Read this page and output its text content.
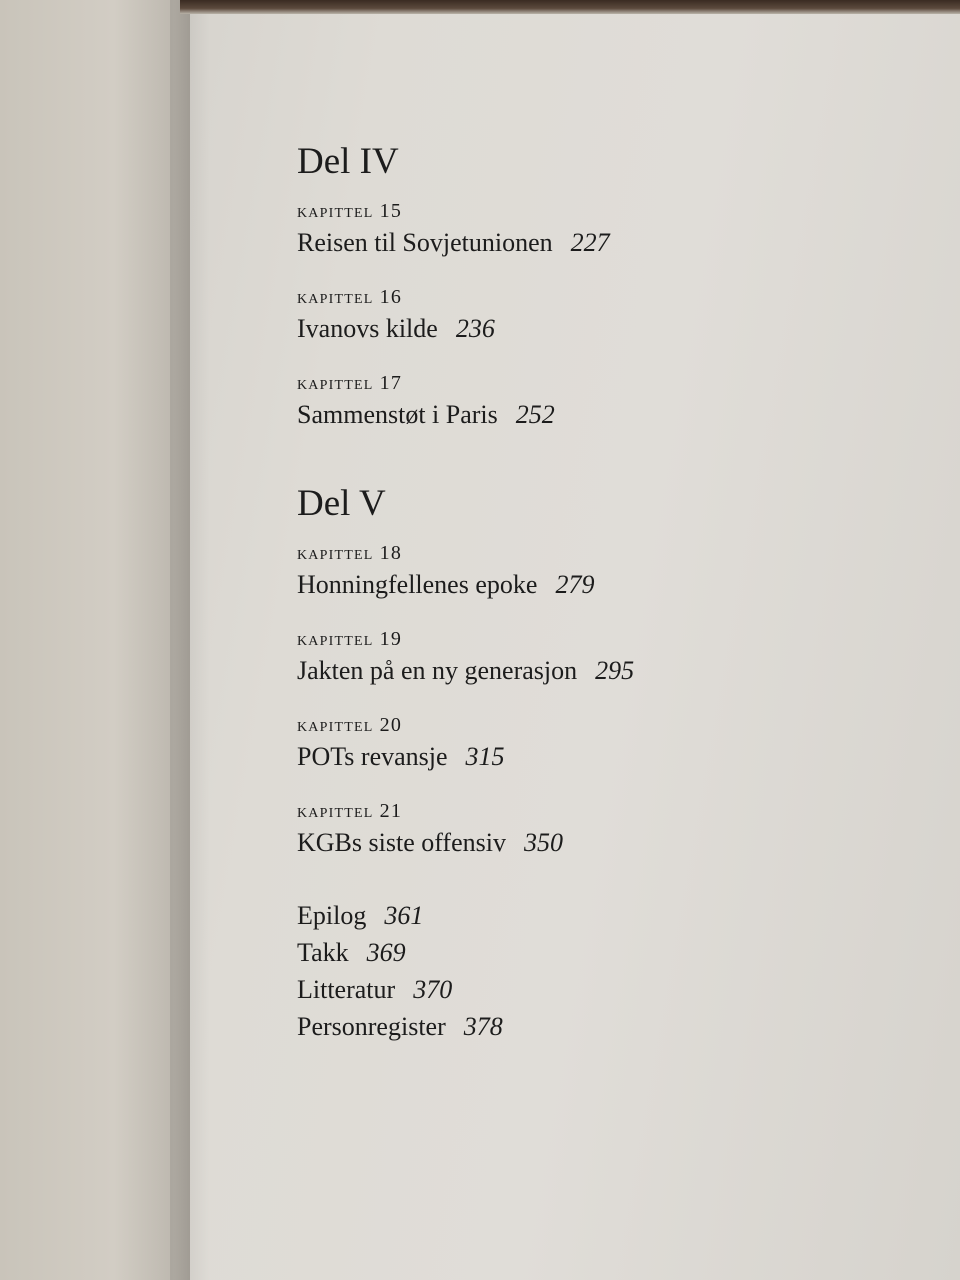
Del IV
kapittel 15
Reisen til Sovjetunionen 227
kapittel 16
Ivanovs kilde 236
kapittel 17
Sammenstøt i Paris 252
Del V
kapittel 18
Honningfellenes epoke 279
kapittel 19
Jakten på en ny generasjon 295
kapittel 20
POTs revansje 315
kapittel 21
KGBs siste offensiv 350
Epilog 361
Takk 369
Litteratur 370
Personregister 378
